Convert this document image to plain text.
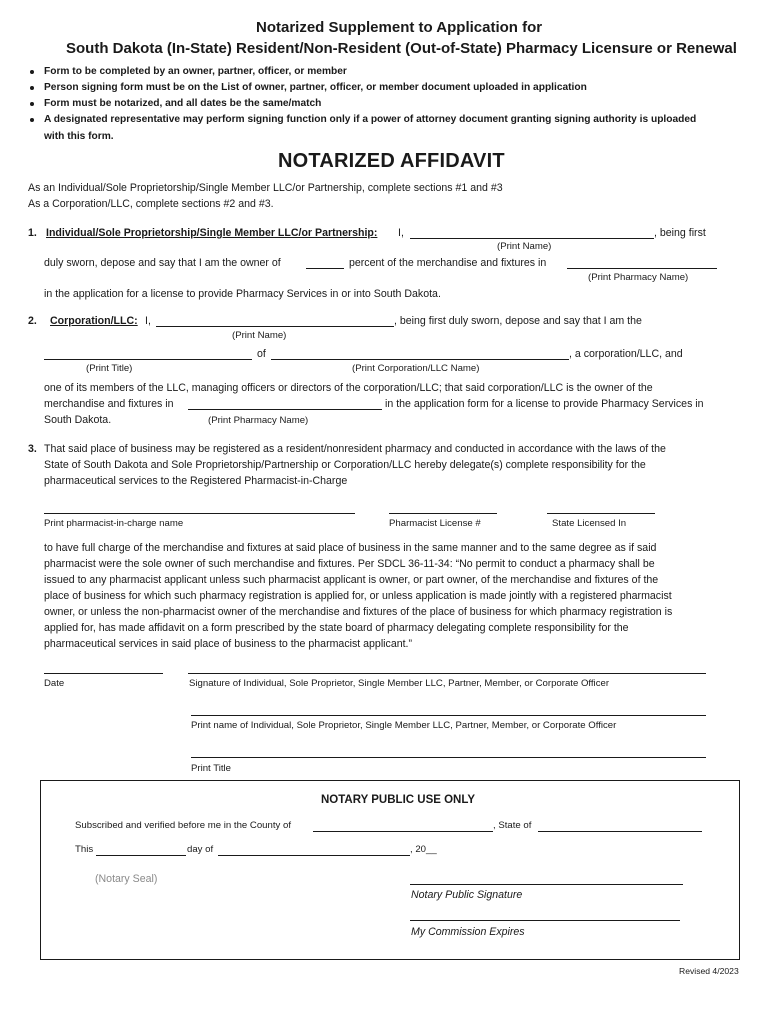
Notarized Supplement to Application for
South Dakota (In-State) Resident/Non-Resident (Out-of-State) Pharmacy Licensure or Renewal
Form to be completed by an owner, partner, officer, or member
Person signing form must be on the List of owner, partner, officer, or member document uploaded in application
Form must be notarized, and all dates be the same/match
A designated representative may perform signing function only if a power of attorney document granting signing authority is uploaded
with this form.
NOTARIZED AFFIDAVIT
As an Individual/Sole Proprietorship/Single Member LLC/or Partnership, complete sections #1 and #3
As a Corporation/LLC, complete sections #2 and #3.
1. Individual/Sole Proprietorship/Single Member LLC/or Partnership: I,	, being first
(Print Name)
duly sworn, depose and say that I am the owner of	percent of the merchandise and fixtures in
(Print Pharmacy Name)
in the application for a license to provide Pharmacy Services in or into South Dakota.
2. Corporation/LLC: I,	, being first duly sworn, depose and say that I am the
(Print Name)
of	, a corporation/LLC, and
(Print Title)	(Print Corporation/LLC Name)
one of its members of the LLC, managing officers or directors of the corporation/LLC; that said corporation/LLC is the owner of the
merchandise and fixtures in	in the application form for a license to provide Pharmacy Services in
South Dakota.	(Print Pharmacy Name)
3. That said place of business may be registered as a resident/nonresident pharmacy and conducted in accordance with the laws of the
State of South Dakota and Sole Proprietorship/Partnership or Corporation/LLC hereby delegate(s) complete responsibility for the
pharmaceutical services to the Registered Pharmacist-in-Charge
Print pharmacist-in-charge name	Pharmacist License #	State Licensed In
to have full charge of the merchandise and fixtures at said place of business in the same manner and to the same degree as if said
pharmacist were the sole owner of such merchandise and fixtures. Per SDCL 36-11-34: “No permit to conduct a pharmacy shall be
issued to any pharmacist applicant unless such pharmacist applicant is owner, or part owner, of the merchandise and fixtures of the
place of business for which such pharmacy registration is applied for, or unless application is made jointly with a registered pharmacist
owner, or unless the non-pharmacist owner of the merchandise and fixtures of the place of business for which pharmacy registration is
applied for, has made affidavit on a form prescribed by the state board of pharmacy delegating complete responsibility for the
pharmaceutical services in said place of business to the pharmacist applicant.”
Date	Signature of Individual, Sole Proprietor, Single Member LLC, Partner, Member, or Corporate Officer
Print name of Individual, Sole Proprietor, Single Member LLC, Partner, Member, or Corporate Officer
Print Title
NOTARY PUBLIC USE ONLY
Subscribed and verified before me in the County of	, State of
This	day of	, 20__
(Notary Seal)
Notary Public Signature
My Commission Expires
Revised 4/2023
